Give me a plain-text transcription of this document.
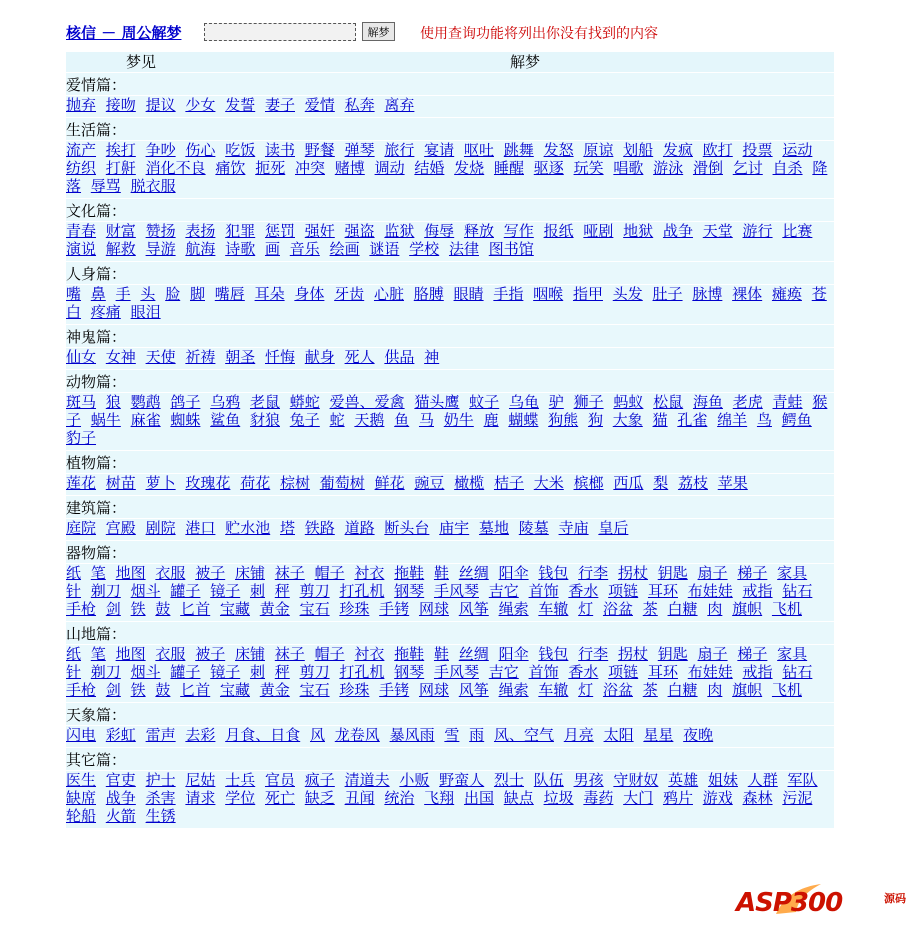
核信 － 周公解梦	解梦	使用查询功能将列出你没有找到的内容
梦见	解梦
爱情篇：
抛弃 接吻 提议 少女 发誓 妻子 爱情 私奔 离弃
生活篇：
流产 挨打 争吵 伤心 吃饭 读书 野餐 弹琴 旅行 宴请 呕吐 跳舞 发怒 原谅 划船 发疯 欧打 投票 运动 纺织 打鼾 消化不良 痛饮 扼死 冲突 赌博 调动 结婚 发烧 睡醒 驱逐 玩笑 唱歌 游泳 滑倒 乞讨 自杀 降落 辱骂 脱衣服
文化篇：
青春 财富 赞扬 表扬 犯罪 惩罚 强奸 强盗 监狱 侮辱 释放 写作 报纸 哑剧 地狱 战争 天堂 游行 比赛 演说 解救 导游 航海 诗歌 画 音乐 绘画 谜语 学校 法律 图书馆
人身篇：
嘴 鼻 手 头 脸 脚 嘴唇 耳朵 身体 牙齿 心脏 胳膊 眼睛 手指 咽喉 指甲 头发 肚子 脉博 裸体 瘫痪 苍白 疼痛 眼泪
神鬼篇：
仙女 女神 天使 祈祷 朝圣 忏悔 献身 死人 供品 神
动物篇：
斑马 狼 鹦鹉 鸽子 乌鸦 老鼠 蟒蛇 爱兽、爱禽 猫头鹰 蚊子 乌龟 驴 狮子 蚂蚁 松鼠 海鱼 老虎 青蛙 猴子 蜗牛 麻雀 蜘蛛 鲨鱼 豺狼 兔子 蛇 天鹅 鱼 马 奶牛 鹿 蝴蝶 狗熊 狗 大象 猫 孔雀 绵羊 鸟 鳄鱼 豹子
植物篇：
莲花 树苗 萝卜 玫瑰花 荷花 棕树 葡萄树 鲜花 豌豆 橄榄 桔子 大米 槟榔 西瓜 梨 荔枝 苹果
建筑篇：
庭院 宫殿 剧院 港口 贮水池 塔 铁路 道路 断头台 庙宇 墓地 陵墓 寺庙 皇后
器物篇：
纸 笔 地图 衣服 被子 床铺 袜子 帽子 衬衣 拖鞋 鞋 丝绸 阳伞 钱包 行李 拐杖 钥匙 扇子 梯子 家具 针 剃刀 烟斗 罐子 镜子 刺 秤 剪刀 打孔机 钢琴 手风琴 吉它 首饰 香水 项链 耳环 布娃娃 戒指 钻石 手枪 剑 铁 鼓 匕首 宝藏 黄金 宝石 珍珠 手铐 网球 风筝 绳索 车辙 灯 浴盆 茶 白糖 肉 旗帜 飞机
山地篇：
纸 笔 地图 衣服 被子 床铺 袜子 帽子 衬衣 拖鞋 鞋 丝绸 阳伞 钱包 行李 拐杖 钥匙 扇子 梯子 家具 针 剃刀 烟斗 罐子 镜子 刺 秤 剪刀 打孔机 钢琴 手风琴 吉它 首饰 香水 项链 耳环 布娃娃 戒指 钻石 手枪 剑 铁 鼓 匕首 宝藏 黄金 宝石 珍珠 手铐 网球 风筝 绳索 车辙 灯 浴盆 茶 白糖 肉 旗帜 飞机
天象篇：
闪电 彩虹 雷声 去彩 月食、日食 风 龙卷风 暴风雨 雪 雨 风、空气 月亮 太阳 星星 夜晚
其它篇：
医生 官吏 护士 尼姑 士兵 官员 疯子 清道夫 小贩 野蛮人 烈士 队伍 男孩 守财奴 英雄 姐妹 人群 军队 缺席 战争 杀害 请求 学位 死亡 缺乏 丑闻 统治 飞翔 出国 缺点 垃圾 毒药 大门 鸦片 游戏 森林 污泥 轮船 火箭 生锈
ASP300	源码
